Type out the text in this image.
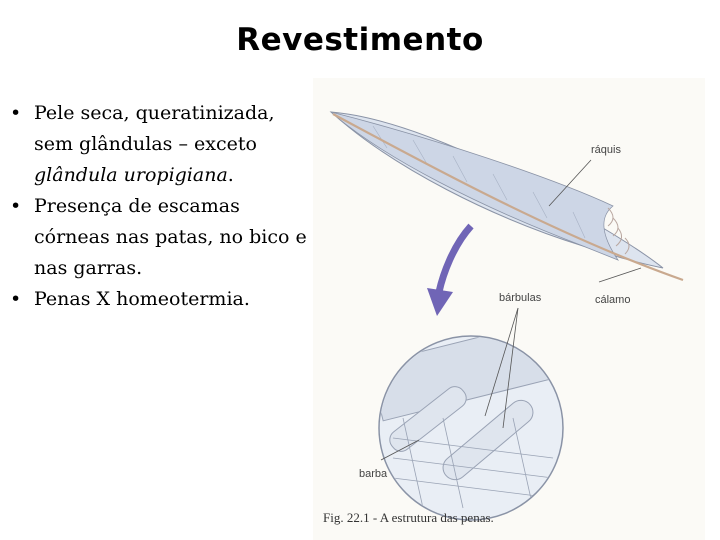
Revestimento
• Pele seca, queratinizada, sem glândulas – exceto glândula uropigiana.
• Presença de escamas córneas nas patas, no bico e nas garras.
• Penas X homeotermia.
ráquis
bárbulas	cálamo
barba
Fig. 22.1 - A estrutura das penas.
